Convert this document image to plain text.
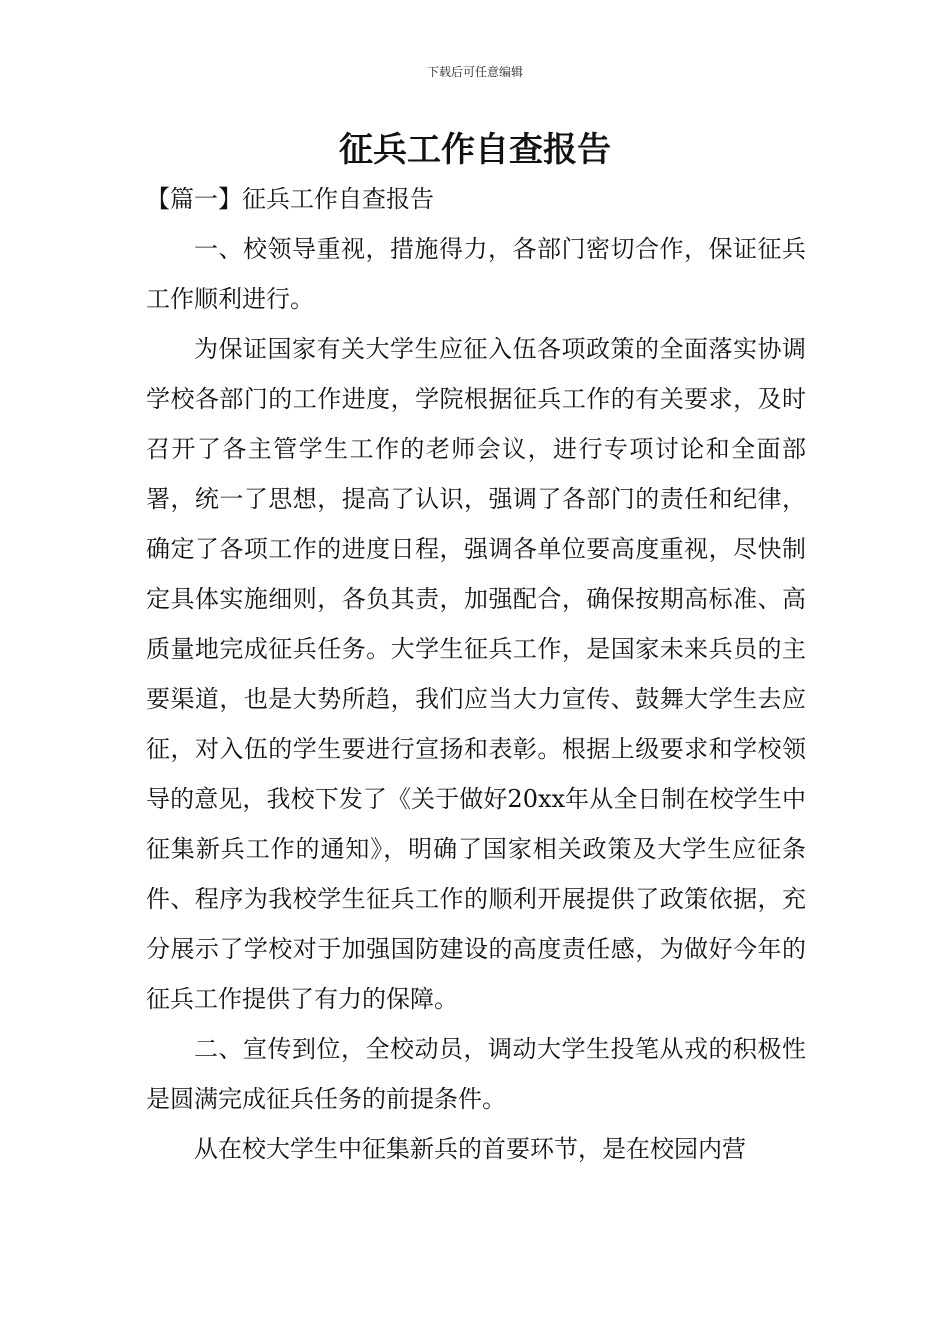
下载后可任意编辑
征兵工作自查报告

【篇一】征兵工作自查报告

一、校领导重视，措施得力，各部门密切合作，保证征兵工作顺利进行。

为保证国家有关大学生应征入伍各项政策的全面落实协调学校各部门的工作进度，学院根据征兵工作的有关要求，及时召开了各主管学生工作的老师会议，进行专项讨论和全面部署，统一了思想，提高了认识，强调了各部门的责任和纪律，确定了各项工作的进度日程，强调各单位要高度重视，尽快制定具体实施细则，各负其责，加强配合，确保按期高标准、高质量地完成征兵任务。大学生征兵工作，是国家未来兵员的主要渠道，也是大势所趋，我们应当大力宣传、鼓舞大学生去应征，对入伍的学生要进行宣扬和表彰。根据上级要求和学校领导的意见，我校下发了《关于做好20xx年从全日制在校学生中征集新兵工作的通知》，明确了国家相关政策及大学生应征条件、程序为我校学生征兵工作的顺利开展提供了政策依据，充分展示了学校对于加强国防建设的高度责任感，为做好今年的征兵工作提供了有力的保障。

二、宣传到位，全校动员，调动大学生投笔从戎的积极性是圆满完成征兵任务的前提条件。

从在校大学生中征集新兵的首要环节，是在校园内营
